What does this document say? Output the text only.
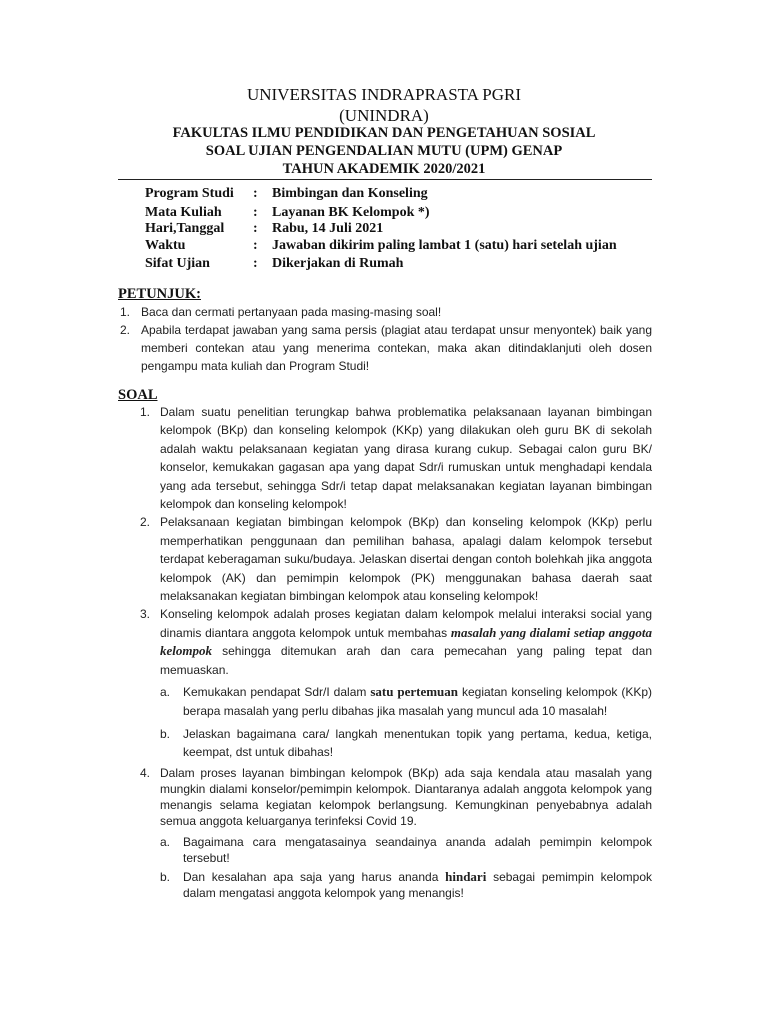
UNIVERSITAS INDRAPRASTA PGRI
(UNINDRA)
FAKULTAS ILMU PENDIDIKAN DAN PENGETAHUAN SOSIAL
SOAL UJIAN PENGENDALIAN MUTU (UPM) GENAP
TAHUN AKADEMIK 2020/2021
Program Studi : Bimbingan dan Konseling
Mata Kuliah : Layanan BK Kelompok *)
Hari,Tanggal : Rabu, 14 Juli 2021
Waktu	: Jawaban dikirim paling lambat 1 (satu) hari setelah ujian
Sifat Ujian	: Dikerjakan di Rumah
PETUNJUK:
1. Baca dan cermati pertanyaan pada masing-masing soal!
2. Apabila terdapat jawaban yang sama persis (plagiat atau terdapat unsur menyontek) baik yang memberi contekan atau yang menerima contekan, maka akan ditindaklanjuti oleh dosen pengampu mata kuliah dan Program Studi!
SOAL
1. Dalam suatu penelitian terungkap bahwa problematika pelaksanaan layanan bimbingan kelompok (BKp) dan konseling kelompok (KKp) yang dilakukan oleh guru BK di sekolah adalah waktu pelaksanaan kegiatan yang dirasa kurang cukup. Sebagai calon guru BK/ konselor, kemukakan gagasan apa yang dapat Sdr/i rumuskan untuk menghadapi kendala yang ada tersebut, sehingga Sdr/i tetap dapat melaksanakan kegiatan layanan bimbingan kelompok dan konseling kelompok!
2. Pelaksanaan kegiatan bimbingan kelompok (BKp) dan konseling kelompok (KKp) perlu memperhatikan penggunaan dan pemilihan bahasa, apalagi dalam kelompok tersebut terdapat keberagaman suku/budaya. Jelaskan disertai dengan contoh bolehkah jika anggota kelompok (AK) dan pemimpin kelompok (PK) menggunakan bahasa daerah saat melaksanakan kegiatan bimbingan kelompok atau konseling kelompok!
3. Konseling kelompok adalah proses kegiatan dalam kelompok melalui interaksi social yang dinamis diantara anggota kelompok untuk membahas masalah yang dialami setiap anggota kelompok sehingga ditemukan arah dan cara pemecahan yang paling tepat dan memuaskan.
a. Kemukakan pendapat Sdr/I dalam satu pertemuan kegiatan konseling kelompok (KKp) berapa masalah yang perlu dibahas jika masalah yang muncul ada 10 masalah!
b. Jelaskan bagaimana cara/ langkah menentukan topik yang pertama, kedua, ketiga, keempat, dst untuk dibahas!
4. Dalam proses layanan bimbingan kelompok (BKp) ada saja kendala atau masalah yang mungkin dialami konselor/pemimpin kelompok. Diantaranya adalah anggota kelompok yang menangis selama kegiatan kelompok berlangsung. Kemungkinan penyebabnya adalah semua anggota keluarganya terinfeksi Covid 19.
a. Bagaimana cara mengatasainya seandainya ananda adalah pemimpin kelompok tersebut!
b. Dan kesalahan apa saja yang harus ananda hindari sebagai pemimpin kelompok dalam mengatasi anggota kelompok yang menangis!
